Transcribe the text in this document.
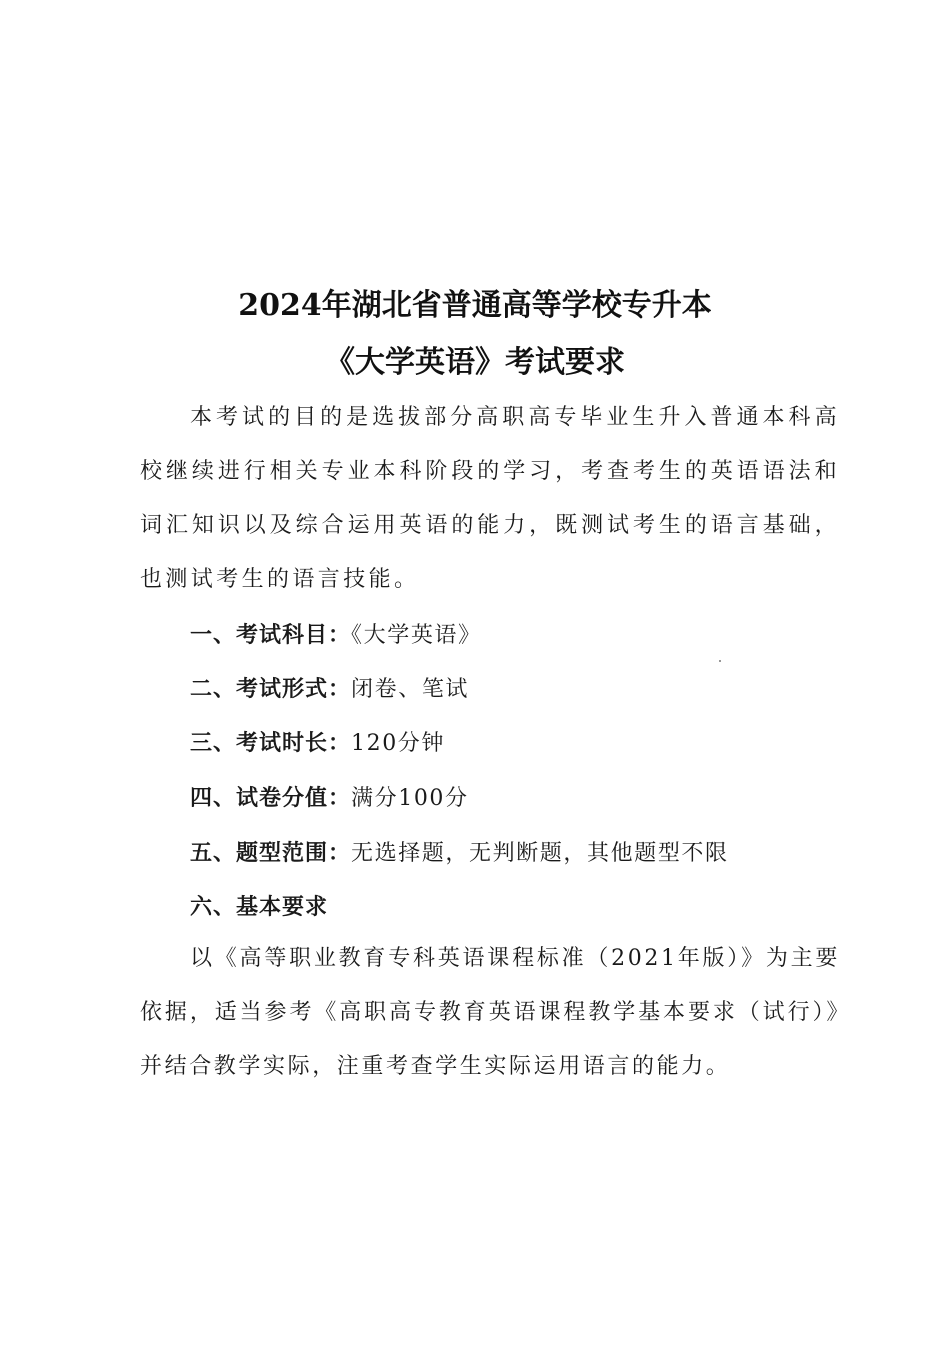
2024年湖北省普通高等学校专升本
《大学英语》考试要求

本考试的目的是选拔部分高职高专毕业生升入普通本科高校继续进行相关专业本科阶段的学习，考查考生的英语语法和词汇知识以及综合运用英语的能力，既测试考生的语言基础，也测试考生的语言技能。

一、考试科目：《大学英语》
二、考试形式：闭卷、笔试
三、考试时长：120分钟
四、试卷分值：满分100分
五、题型范围：无选择题，无判断题，其他题型不限
六、基本要求

以《高等职业教育专科英语课程标准（2021年版）》为主要依据，适当参考《高职高专教育英语课程教学基本要求（试行）》并结合教学实际，注重考查学生实际运用语言的能力。
